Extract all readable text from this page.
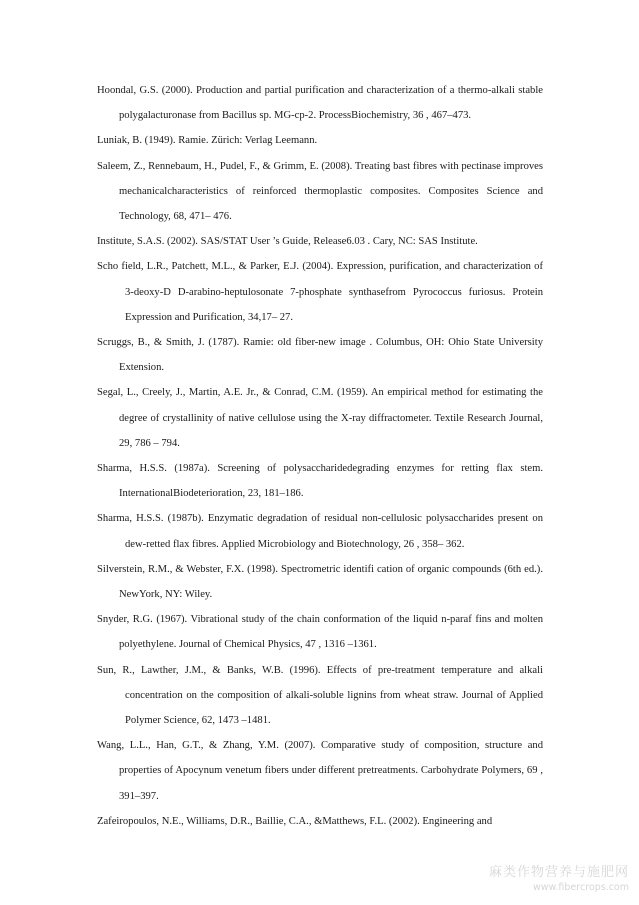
Hoondal, G.S. (2000). Production and partial purification and characterization of a thermo-alkali stable polygalacturonase from Bacillus sp. MG-cp-2. ProcessBiochemistry, 36 , 467–473.

Luniak, B. (1949). Ramie. Zürich: Verlag Leemann.

Saleem, Z., Rennebaum, H., Pudel, F., & Grimm, E. (2008). Treating bast fibres with pectinase improves mechanicalcharacteristics of reinforced thermoplastic composites. Composites Science and Technology, 68, 471– 476.

Institute, S.A.S. (2002). SAS/STAT User ’s Guide, Release6.03 . Cary, NC: SAS Institute.

Scho field, L.R., Patchett, M.L., & Parker, E.J. (2004). Expression, purification, and characterization of 3-deoxy-D D-arabino-heptulosonate 7-phosphate synthasefrom Pyrococcus furiosus. Protein Expression and Purification, 34,17– 27.

Scruggs, B., & Smith, J. (1787). Ramie: old fiber-new image . Columbus, OH: Ohio State University Extension.

Segal, L., Creely, J., Martin, A.E. Jr., & Conrad, C.M. (1959). An empirical method for estimating the degree of crystallinity of native cellulose using the X-ray diffractometer. Textile Research Journal, 29, 786 – 794.

Sharma, H.S.S. (1987a). Screening of polysaccharidedegrading enzymes for retting flax stem. InternationalBiodeterioration, 23, 181–186.

Sharma, H.S.S. (1987b). Enzymatic degradation of residual non-cellulosic polysaccharides present on dew-retted flax fibres. Applied Microbiology and Biotechnology, 26 , 358– 362.

Silverstein, R.M., & Webster, F.X. (1998). Spectrometric identifi cation of organic compounds (6th ed.). NewYork, NY: Wiley.

Snyder, R.G. (1967). Vibrational study of the chain conformation of the liquid n-paraf fins and molten polyethylene. Journal of Chemical Physics, 47 , 1316 –1361.

Sun, R., Lawther, J.M., & Banks, W.B. (1996). Effects of pre-treatment temperature and alkali concentration on the composition of alkali-soluble lignins from wheat straw. Journal of Applied Polymer Science, 62, 1473 –1481.

Wang, L.L., Han, G.T., & Zhang, Y.M. (2007). Comparative study of composition, structure and properties of Apocynum venetum fibers under different pretreatments. Carbohydrate Polymers, 69 , 391–397.

Zafeiropoulos, N.E., Williams, D.R., Baillie, C.A., &Matthews, F.L. (2002). Engineering and

麻类作物营养与施肥网
www.fibercrops.com
